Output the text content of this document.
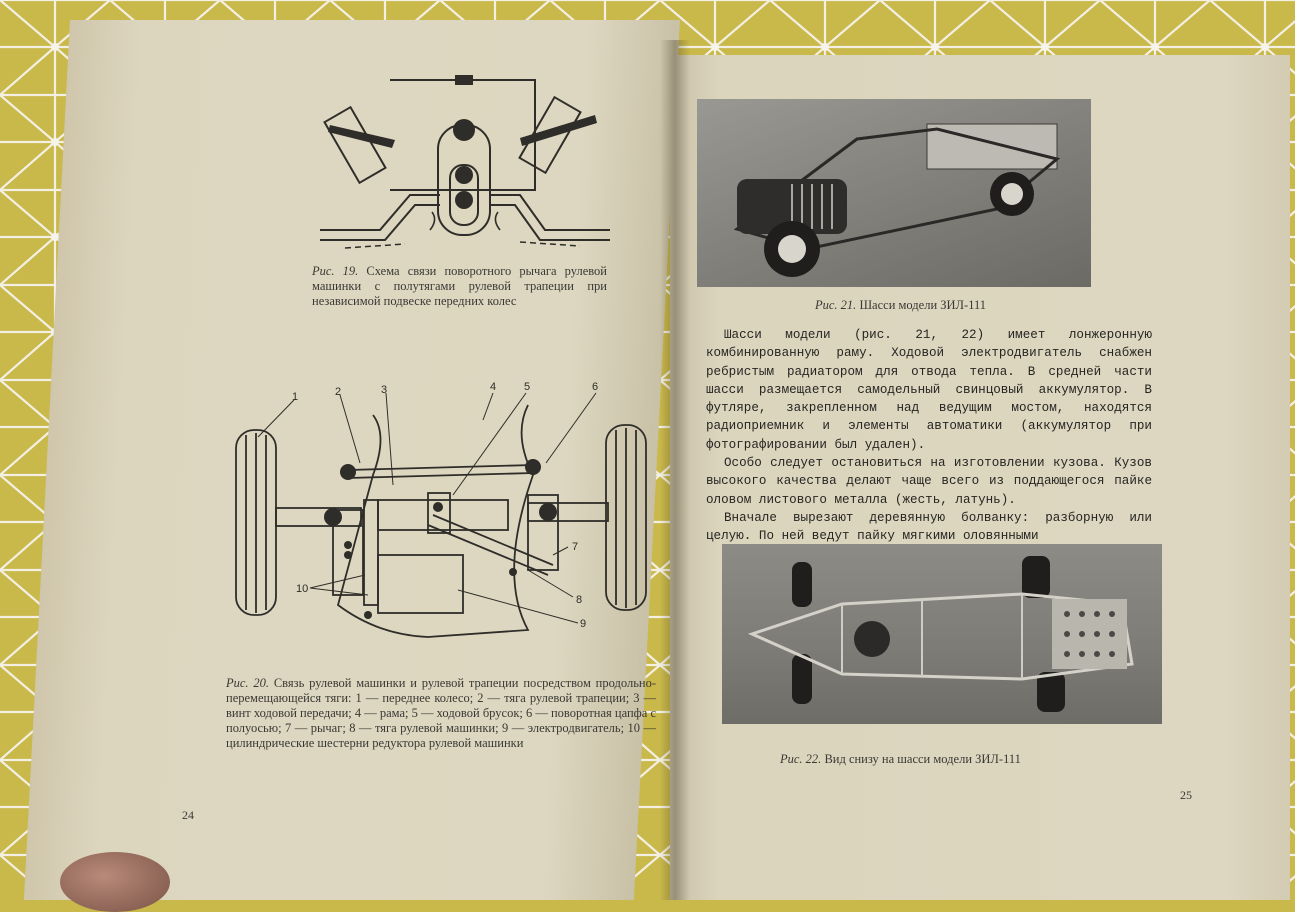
Рис. 19. Схема связи поворотного рычага рулевой машинки с полутягами рулевой трапеции при независимой подвеске передних колес
1	2	3	4	5	6
7
8
9
10
Рис. 20. Связь рулевой машинки и рулевой трапеции посредством продольно-перемещающейся тяги: 1 — переднее колесо; 2 — тяга рулевой трапеции; 3 — винт ходовой передачи; 4 — рама; 5 — ходовой брусок; 6 — поворотная цапфа с полуосью; 7 — рычаг; 8 — тяга рулевой машинки; 9 — электродвигатель; 10 — цилиндрические шестерни редуктора рулевой машинки
24
Рис. 21. Шасси модели ЗИЛ-111

Шасси модели (рис. 21, 22) имеет лонжеронную комбинированную раму. Ходовой электродвигатель снабжен ребристым радиатором для отвода тепла. В средней части шасси размещается самодельный свинцовый аккумулятор. В футляре, закрепленном над ведущим мостом, находятся радиоприемник и элементы автоматики (аккумулятор при фотографировании был удален).

Особо следует остановиться на изготовлении кузова. Кузов высокого качества делают чаще всего из поддающегося пайке оловом листового металла (жесть, латунь).

Вначале вырезают деревянную болванку: разборную или целую. По ней ведут пайку мягкими оловянными

Рис. 22. Вид снизу на шасси модели ЗИЛ-111
25
